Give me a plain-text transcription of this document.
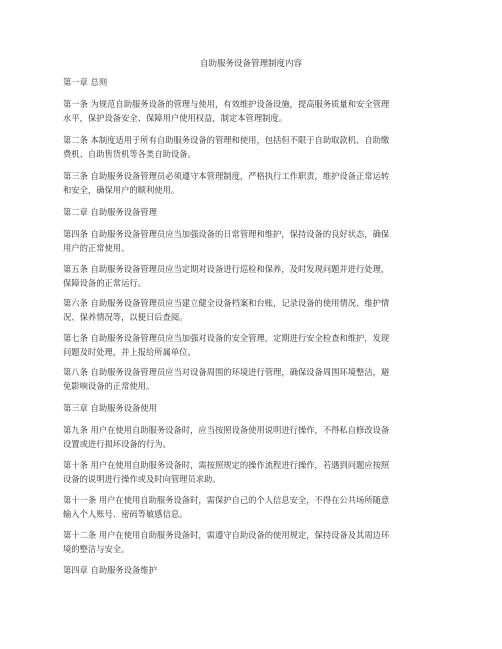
自助服务设备管理制度内容

第一章 总则

第一条 为规范自助服务设备的管理与使用，有效维护设备设施，提高服务质量和安全管理
水平，保护设备安全、保障用户使用权益，制定本管理制度。

第二条 本制度适用于所有自助服务设备的管理和使用，包括但不限于自助取款机、自助缴
费机、自助售货机等各类自助设备。

第三条 自助服务设备管理员必须遵守本管理制度，严格执行工作职责，维护设备正常运转
和安全，确保用户的顺利使用。

第二章 自助服务设备管理

第四条 自助服务设备管理员应当加强设备的日常管理和维护，保持设备的良好状态，确保
用户的正常使用。

第五条 自助服务设备管理员应当定期对设备进行巡检和保养，及时发现问题并进行处理，
保障设备的正常运行。

第六条 自助服务设备管理员应当建立健全设备档案和台账，记录设备的使用情况、维护情
况、保养情况等，以便日后查阅。

第七条 自助服务设备管理员应当加强对设备的安全管理，定期进行安全检查和维护，发现
问题及时处理，并上报给所属单位。

第八条 自助服务设备管理员应当对设备周围的环境进行管理，确保设备周围环境整洁，避
免影响设备的正常使用。

第三章 自助服务设备使用

第九条 用户在使用自助服务设备时，应当按照设备使用说明进行操作，不得私自修改设备
设置或进行损坏设备的行为。

第十条 用户在使用自助服务设备时，需按照规定的操作流程进行操作，若遇到问题应按照
设备的说明进行操作或及时向管理员求助。

第十一条 用户在使用自助服务设备时，需保护自己的个人信息安全，不得在公共场所随意
输入个人账号、密码等敏感信息。

第十二条 用户在使用自助服务设备时，需遵守自助设备的使用规定，保持设备及其周边环
境的整洁与安全。

第四章 自助服务设备维护
